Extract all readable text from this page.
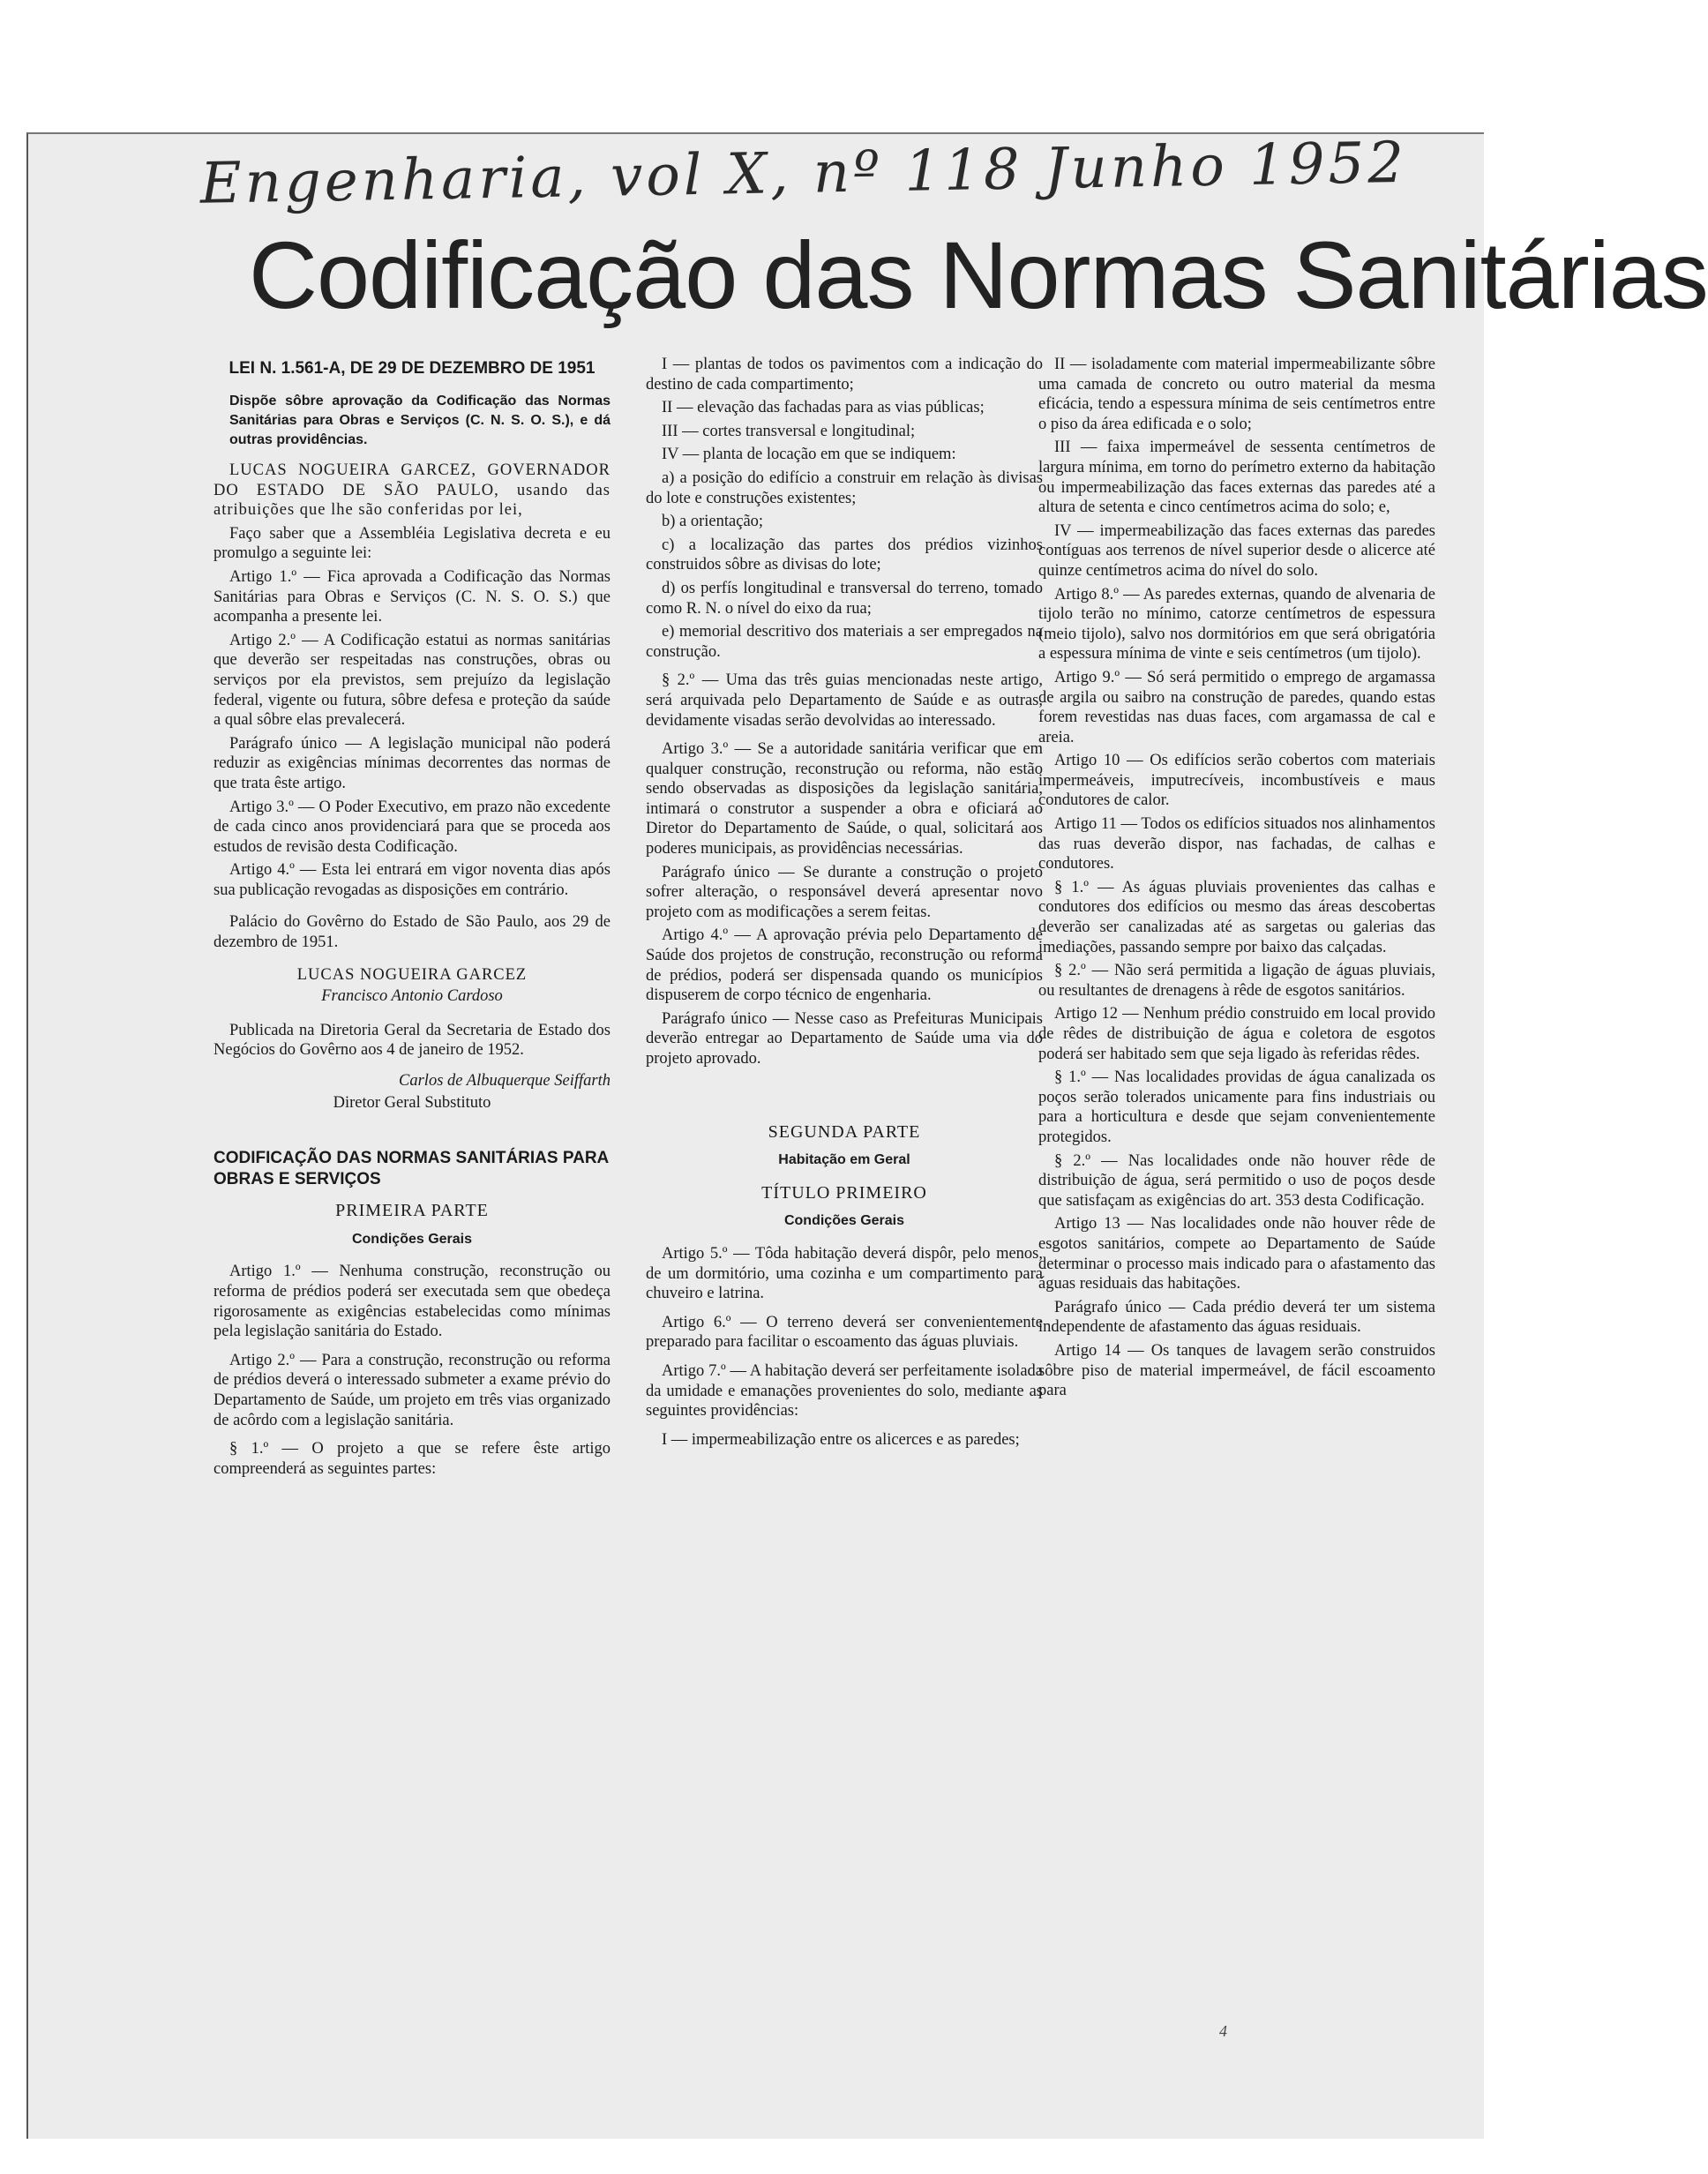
Engenharia, vol X, nº 118 Junho 1952
Codificação das Normas Sanitárias
LEI N. 1.561-A, DE 29 DE DEZEMBRO DE 1951
Dispõe sôbre aprovação da Codificação das Normas Sanitárias para Obras e Serviços (C. N. S. O. S.), e dá outras providências.

LUCAS NOGUEIRA GARCEZ, GOVERNADOR DO ESTADO DE SÃO PAULO, usando das atribuições que lhe são conferidas por lei,

Faço saber que a Assembléia Legislativa decreta e eu promulgo a seguinte lei:

Artigo 1.º — Fica aprovada a Codificação das Normas Sanitárias para Obras e Serviços (C. N. S. O. S.) que acompanha a presente lei.

Artigo 2.º — A Codificação estatui as normas sanitárias que deverão ser respeitadas nas construções, obras ou serviços por ela previstos, sem prejuízo da legislação federal, vigente ou futura, sôbre defesa e proteção da saúde a qual sôbre elas prevalecerá.

Parágrafo único — A legislação municipal não poderá reduzir as exigências mínimas decorrentes das normas de que trata êste artigo.

Artigo 3.º — O Poder Executivo, em prazo não excedente de cada cinco anos providenciará para que se proceda aos estudos de revisão desta Codificação.

Artigo 4.º — Esta lei entrará em vigor noventa dias após sua publicação revogadas as disposições em contrário.

Palácio do Govêrno do Estado de São Paulo, aos 29 de dezembro de 1951.

LUCAS NOGUEIRA GARCEZ
Francisco Antonio Cardoso

Publicada na Diretoria Geral da Secretaria de Estado dos Negócios do Govêrno aos 4 de janeiro de 1952.

Carlos de Albuquerque Seiffarth
Diretor Geral Substituto
CODIFICAÇÃO DAS NORMAS SANITÁRIAS PARA OBRAS E SERVIÇOS
PRIMEIRA PARTE
Condições Gerais

Artigo 1.º — Nenhuma construção, reconstrução ou reforma de prédios poderá ser executada sem que obedeça rigorosamente as exigências estabelecidas como mínimas pela legislação sanitária do Estado.

Artigo 2.º — Para a construção, reconstrução ou reforma de prédios deverá o interessado submeter a exame prévio do Departamento de Saúde, um projeto em três vias organizado de acôrdo com a legislação sanitária.

§ 1.º — O projeto a que se refere êste artigo compreenderá as seguintes partes:

I — plantas de todos os pavimentos com a indicação do destino de cada compartimento;

II — elevação das fachadas para as vias públicas;

III — cortes transversal e longitudinal;

IV — planta de locação em que se indiquem:

a) a posição do edifício a construir em relação às divisas do lote e construções existentes;

b) a orientação;

c) a localização das partes dos prédios vizinhos construidos sôbre as divisas do lote;

d) os perfís longitudinal e transversal do terreno, tomado como R. N. o nível do eixo da rua;

e) memorial descritivo dos materiais a ser empregados na construção.

§ 2.º — Uma das três guias mencionadas neste artigo, será arquivada pelo Departamento de Saúde e as outras, devidamente visadas serão devolvidas ao interessado.

Artigo 3.º — Se a autoridade sanitária verificar que em qualquer construção, reconstrução ou reforma, não estão sendo observadas as disposições da legislação sanitária, intimará o construtor a suspender a obra e oficiará ao Diretor do Departamento de Saúde, o qual, solicitará aos poderes municipais, as providências necessárias.

Parágrafo único — Se durante a construção o projeto sofrer alteração, o responsável deverá apresentar novo projeto com as modificações a serem feitas.

Artigo 4.º — A aprovação prévia pelo Departamento de Saúde dos projetos de construção, reconstrução ou reforma de prédios, poderá ser dispensada quando os municípios dispuserem de corpo técnico de engenharia.

Parágrafo único — Nesse caso as Prefeituras Municipais deverão entregar ao Departamento de Saúde uma via do projeto aprovado.

SEGUNDA PARTE
Habitação em Geral
TÍTULO PRIMEIRO
Condições Gerais

Artigo 5.º — Tôda habitação deverá dispôr, pelo menos, de um dormitório, uma cozinha e um compartimento para chuveiro e latrina.

Artigo 6.º — O terreno deverá ser convenientemente preparado para facilitar o escoamento das águas pluviais.

Artigo 7.º — A habitação deverá ser perfeitamente isolada da umidade e emanações provenientes do solo, mediante as seguintes providências:

I — impermeabilização entre os alicerces e as paredes;

II — isoladamente com material impermeabilizante sôbre uma camada de concreto ou outro material da mesma eficácia, tendo a espessura mínima de seis centímetros entre o piso da área edificada e o solo;

III — faixa impermeável de sessenta centímetros de largura mínima, em torno do perímetro externo da habitação ou impermeabilização das faces externas das paredes até a altura de setenta e cinco centímetros acima do solo; e,

IV — impermeabilização das faces externas das paredes contíguas aos terrenos de nível superior desde o alicerce até quinze centímetros acima do nível do solo.

Artigo 8.º — As paredes externas, quando de alvenaria de tijolo terão no mínimo, catorze centímetros de espessura (meio tijolo), salvo nos dormitórios em que será obrigatória a espessura mínima de vinte e seis centímetros (um tijolo).

Artigo 9.º — Só será permitido o emprego de argamassa de argila ou saibro na construção de paredes, quando estas forem revestidas nas duas faces, com argamassa de cal e areia.

Artigo 10 — Os edifícios serão cobertos com materiais impermeáveis, imputrecíveis, incombustíveis e maus condutores de calor.

Artigo 11 — Todos os edifícios situados nos alinhamentos das ruas deverão dispor, nas fachadas, de calhas e condutores.

§ 1.º — As águas pluviais provenientes das calhas e condutores dos edifícios ou mesmo das áreas descobertas deverão ser canalizadas até as sargetas ou galerias das imediações, passando sempre por baixo das calçadas.

§ 2.º — Não será permitida a ligação de águas pluviais, ou resultantes de drenagens à rêde de esgotos sanitários.

Artigo 12 — Nenhum prédio construido em local provido de rêdes de distribuição de água e coletora de esgotos poderá ser habitado sem que seja ligado às referidas rêdes.

§ 1.º — Nas localidades providas de água canalizada os poços serão tolerados unicamente para fins industriais ou para a horticultura e desde que sejam convenientemente protegidos.

§ 2.º — Nas localidades onde não houver rêde de distribuição de água, será permitido o uso de poços desde que satisfaçam as exigências do art. 353 desta Codificação.

Artigo 13 — Nas localidades onde não houver rêde de esgotos sanitários, compete ao Departamento de Saúde determinar o processo mais indicado para o afastamento das águas residuais das habitações.

Parágrafo único — Cada prédio deverá ter um sistema independente de afastamento das águas residuais.

Artigo 14 — Os tanques de lavagem serão construidos sôbre piso de material impermeável, de fácil escoamento para

4
